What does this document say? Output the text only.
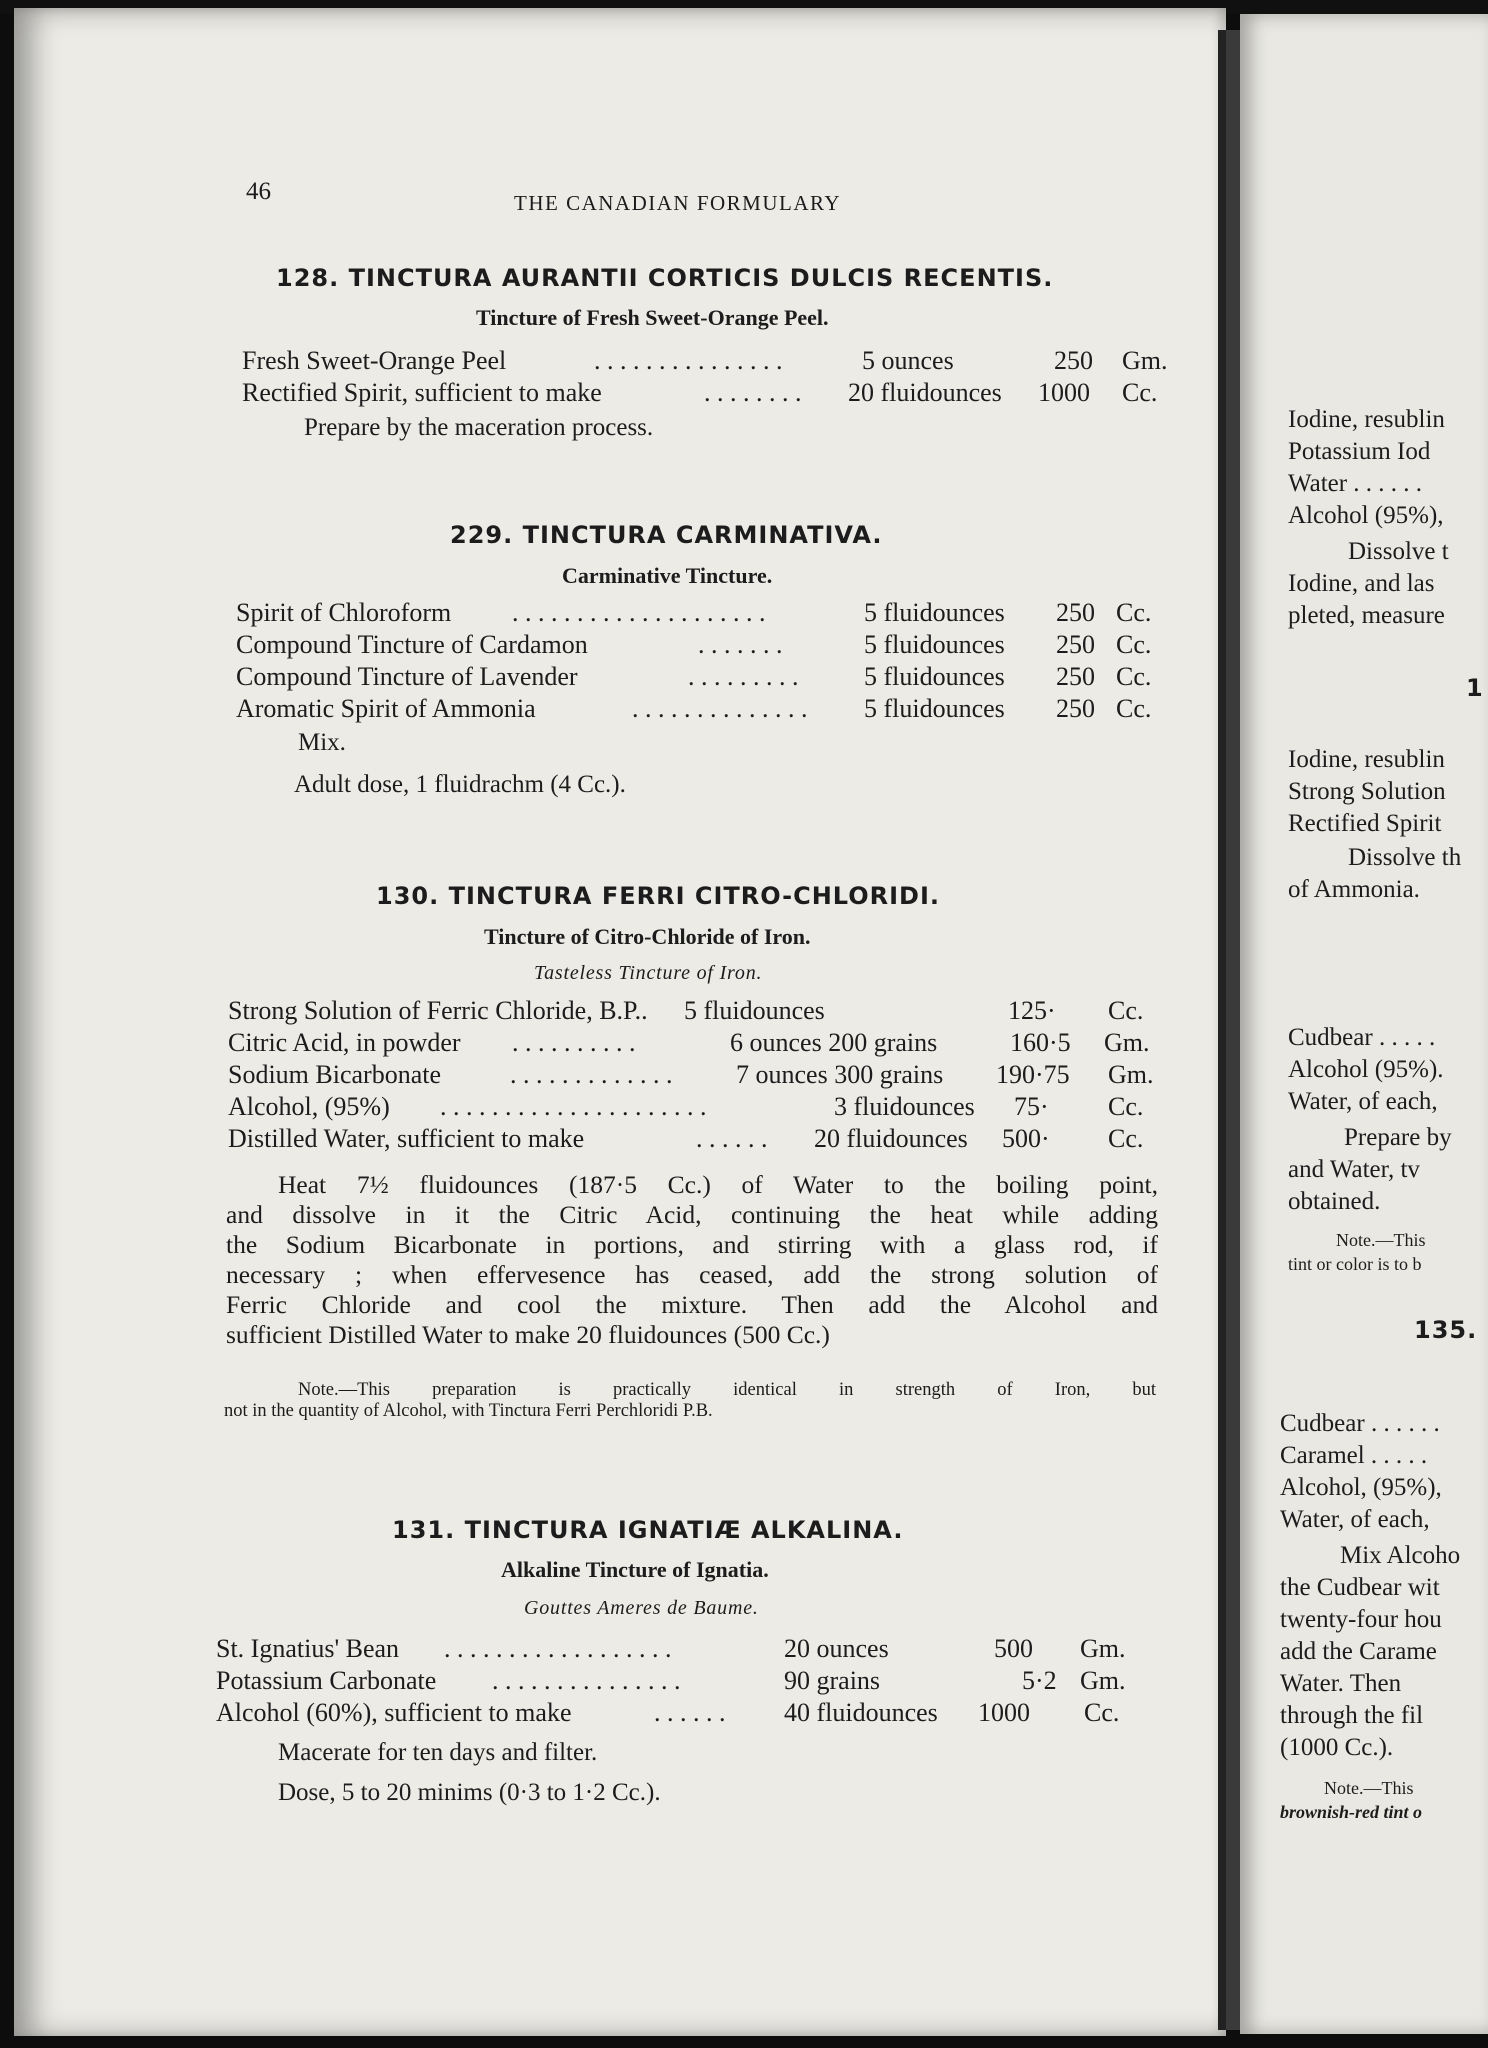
46	THE CANADIAN FORMULARY
128. TINCTURA AURANTII CORTICIS DULCIS RECENTIS.
Tincture of Fresh Sweet-Orange Peel.
Fresh Sweet-Orange Peel	. . . . . . . . . . . . . . .	5 ounces	250 Gm.
Rectified Spirit, sufficient to make	. . . . . . . . 20 fluidounces 1000 Cc.
Prepare by the maceration process.
229. TINCTURA CARMINATIVA.
Carminative Tincture.
Spirit of Chloroform . . . . . . . . . . . . . . . . . . . .	5 fluidounces 250 Cc.
Compound Tincture of Cardamon	. . . . . . .	5 fluidounces 250 Cc.
Compound Tincture of Lavender	. . . . . . . . .	5 fluidounces 250 Cc.
Aromatic Spirit of Ammonia	. . . . . . . . . . . . . . 5 fluidounces 250 Cc.
Mix.
Adult dose, 1 fluidrachm (4 Cc.).
130. TINCTURA FERRI CITRO-CHLORIDI.
Tincture of Citro-Chloride of Iron.
Tasteless Tincture of Iron.
Strong Solution of Ferric Chloride, B.P.. 5 fluidounces	125· Cc.
Citric Acid, in powder . . . . . . . . . .	6 ounces 200 grains	160·5 Gm.
Sodium Bicarbonate	. . . . . . . . . . . . . 7 ounces 300 grains 190·75 Gm.
Alcohol, (95%) . . . . . . . . . . . . . . . . . . . . .	3 fluidounces 75· Cc.
Distilled Water, sufficient to make	. . . . . . 20 fluidounces 500· Cc.
Heat 7½ fluidounces (187·5 Cc.) of Water to the boiling point,
and dissolve in it the Citric Acid, continuing the heat while adding
the Sodium Bicarbonate in portions, and stirring with a glass rod, if
necessary ; when effervesence has ceased, add the strong solution of
Ferric Chloride and cool the mixture. Then add the Alcohol and
sufficient Distilled Water to make 20 fluidounces (500 Cc.)
Note.—This preparation is practically identical in strength of Iron, but
not in the quantity of Alcohol, with Tinctura Ferri Perchloridi P.B.
131. TINCTURA IGNATIÆ ALKALINA.
Alkaline Tincture of Ignatia.
Gouttes Ameres de Baume.
St. Ignatius' Bean . . . . . . . . . . . . . . . . . .	20 ounces	500 Gm.
Potassium Carbonate . . . . . . . . . . . . . . .	90 grains	5·2 Gm.
Alcohol (60%), sufficient to make	. . . . . . 40 fluidounces 1000 Cc.
Macerate for ten days and filter.
Dose, 5 to 20 minims (0·3 to 1·2 Cc.).
Iodine, resublin
Potassium Iod
Water . . . . . .
Alcohol (95%),
Dissolve t
Iodine, and las
pleted, measure
1
Iodine, resublin
Strong Solution
Rectified Spirit
Dissolve th
of Ammonia.
Cudbear . . . . .
Alcohol (95%).
Water, of each,
Prepare by
and Water, tv
obtained.
Note.—This
tint or color is to b
135.
Cudbear . . . . . .
Caramel . . . . .
Alcohol, (95%),
Water, of each,
Mix Alcoho
the Cudbear wit
twenty-four hou
add the Carame
Water. Then
through the fil
(1000 Cc.).
Note.—This
brownish-red tint o
